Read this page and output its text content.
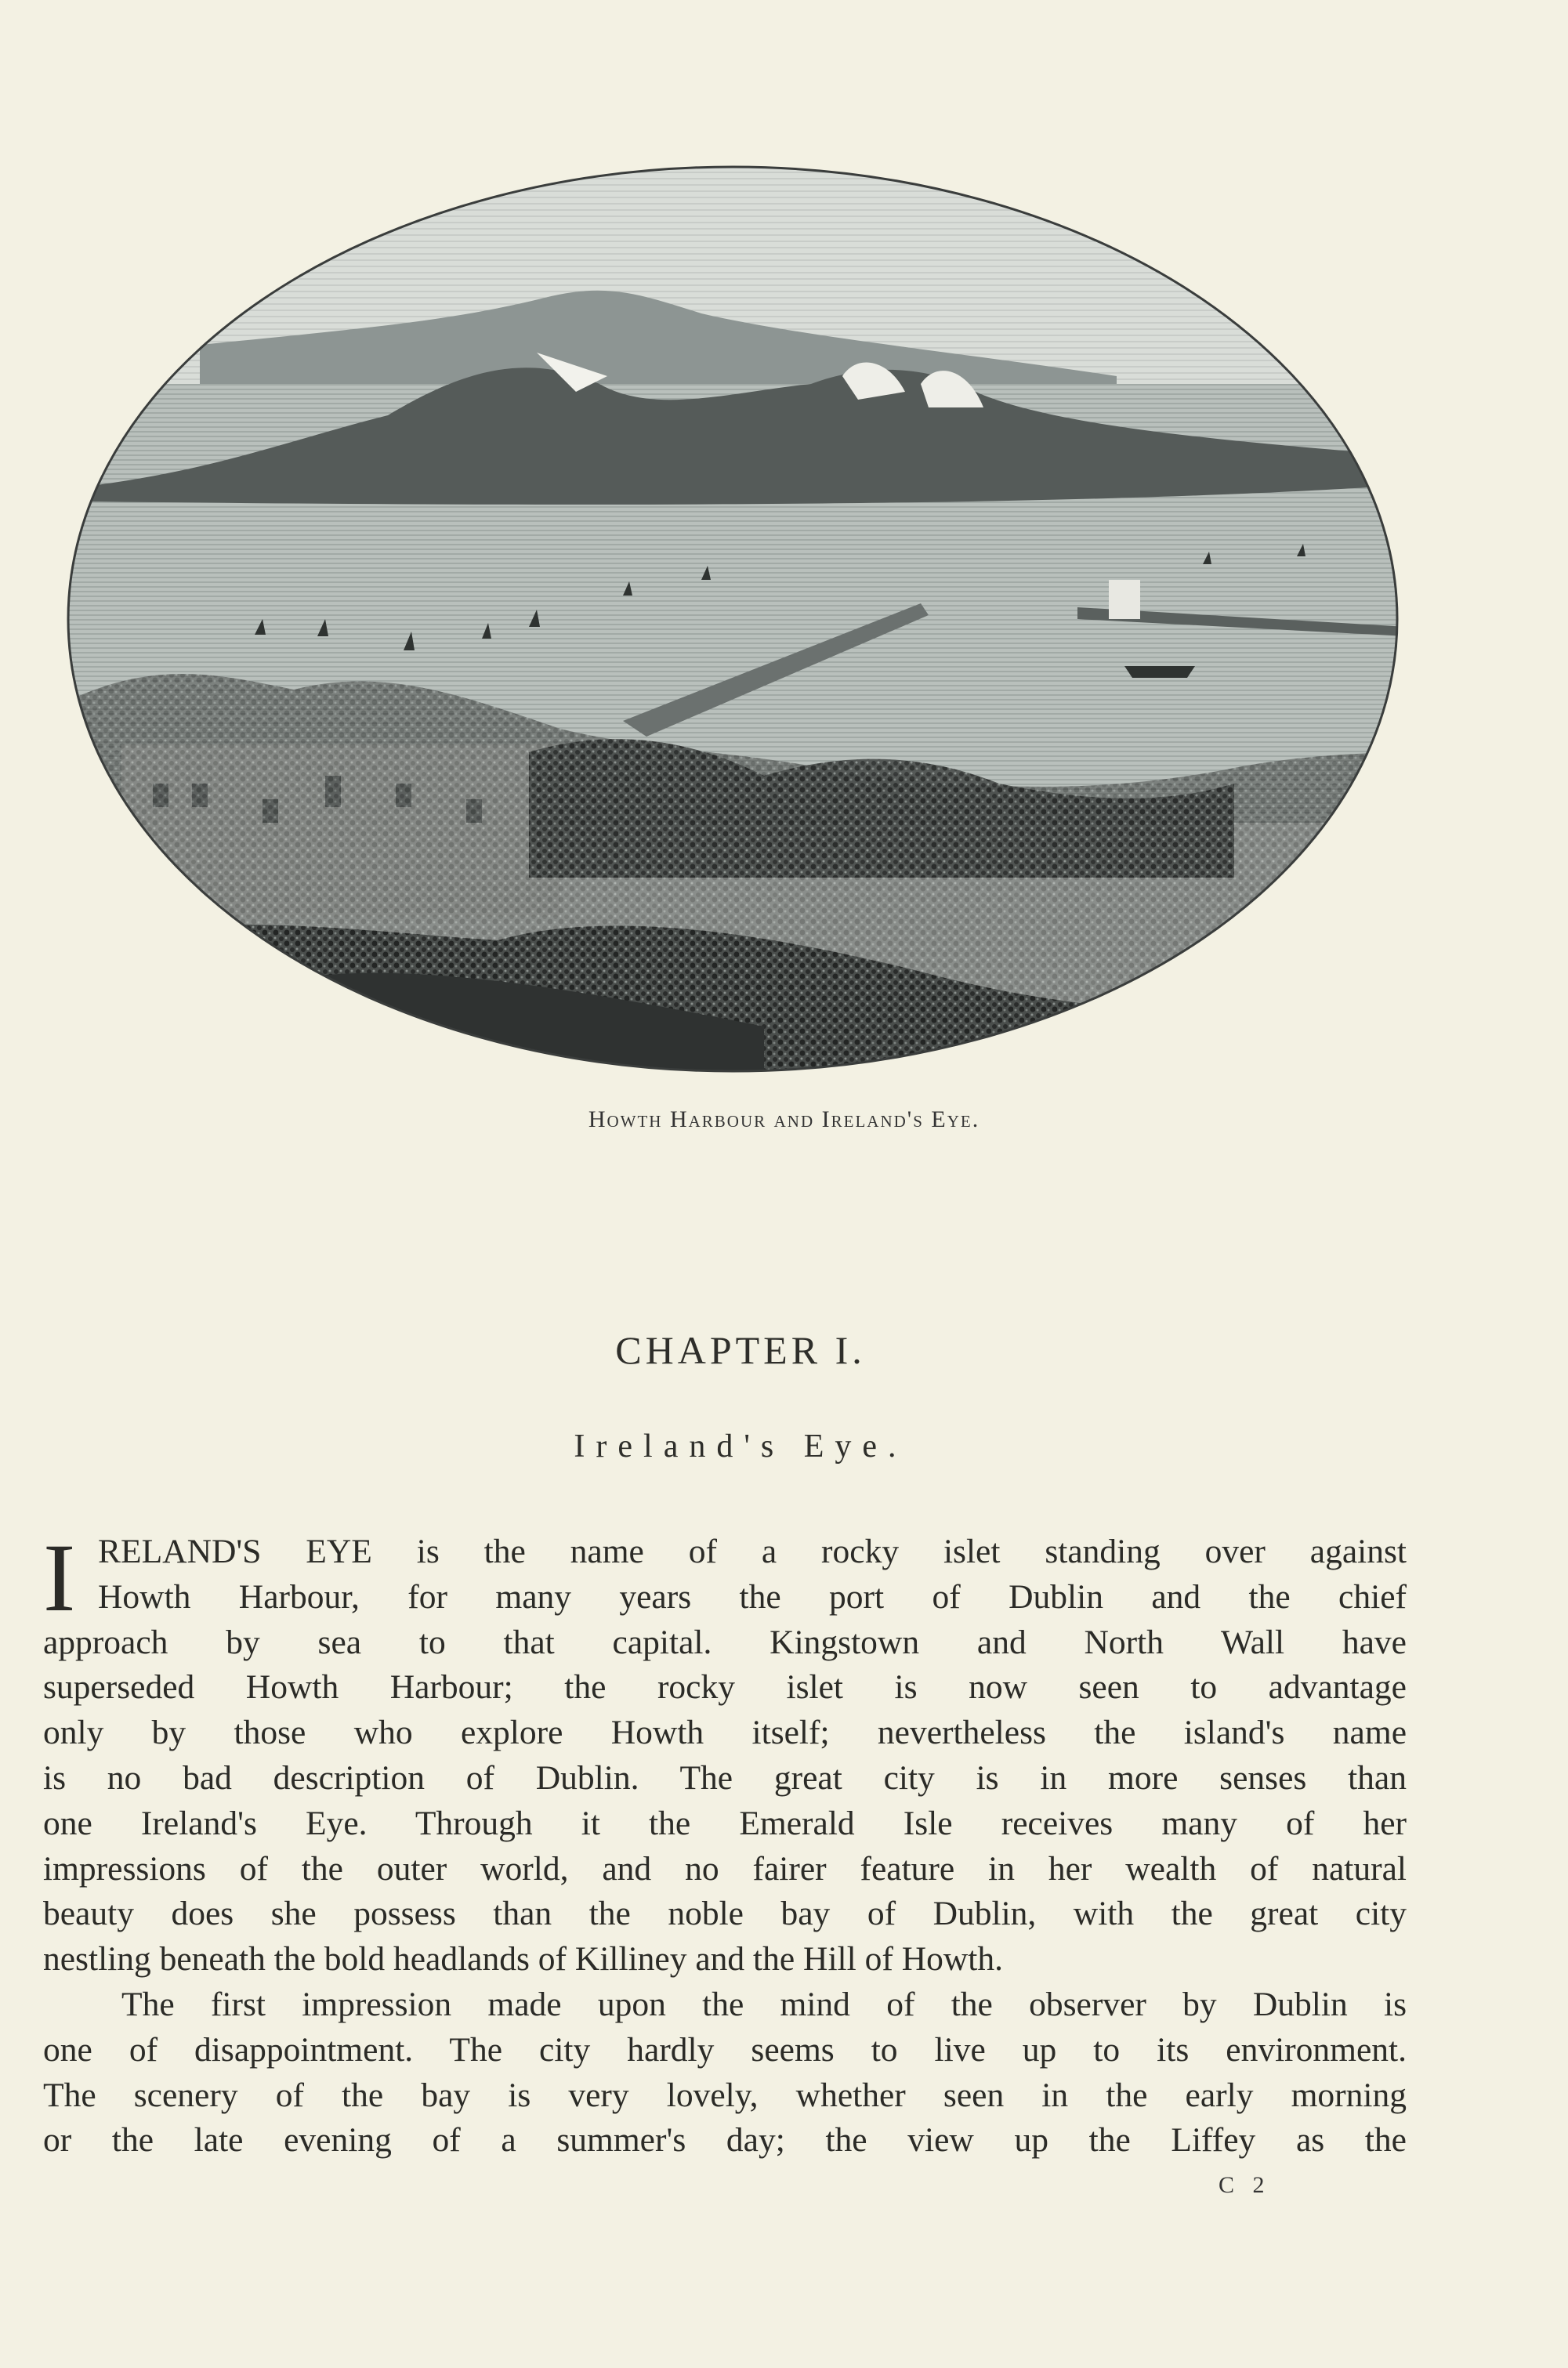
Howth Harbour and Ireland's Eye.
CHAPTER I.
Ireland's Eye.
I RELAND'S EYE is the name of a rocky islet standing over against
Howth Harbour, for many years the port of Dublin and the chief
approach by sea to that capital. Kingstown and North Wall have
superseded Howth Harbour; the rocky islet is now seen to advantage
only by those who explore Howth itself; nevertheless the island's name
is no bad description of Dublin. The great city is in more senses than
one Ireland's Eye. Through it the Emerald Isle receives many of her
impressions of the outer world, and no fairer feature in her wealth of natural
beauty does she possess than the noble bay of Dublin, with the great city
nestling beneath the bold headlands of Killiney and the Hill of Howth.
The first impression made upon the mind of the observer by Dublin is
one of disappointment. The city hardly seems to live up to its environment.
The scenery of the bay is very lovely, whether seen in the early morning
or the late evening of a summer's day; the view up the Liffey as the
C 2
